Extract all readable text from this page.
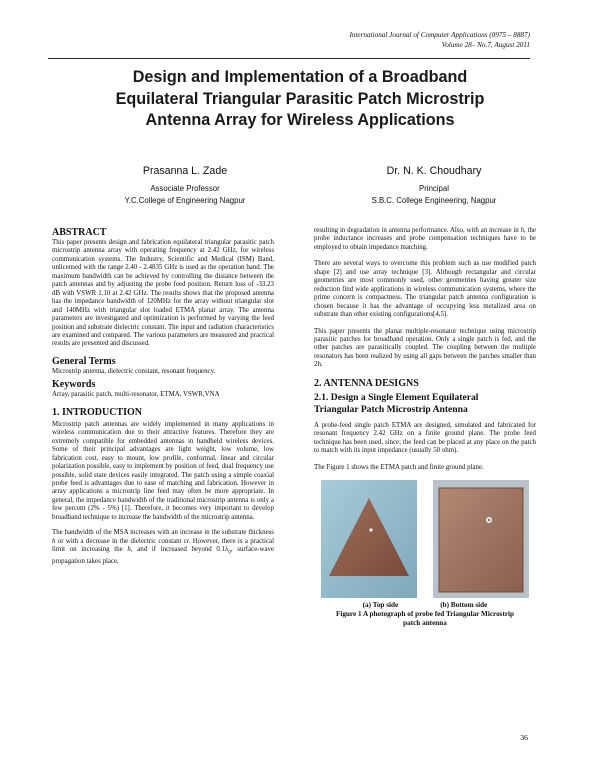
International Journal of Computer Applications (0975 – 8887)
Volume 28– No.7, August 2011
Design and Implementation of a Broadband
Equilateral Triangular Parasitic Patch Microstrip
Antenna Array for Wireless Applications
Prasanna L. Zade
Associate Professor
Y.C.College of Engineering Nagpur
Dr. N. K. Choudhary
Principal
S.B.C. College Engineering, Nagpur
ABSTRACT

This paper presents design and fabrication equilateral triangular parasitic patch microstrip antenna array with operating frequency at 2.42 GHz, for wireless communication systems. The Industry, Scientific and Medical (ISM) Band, unlicensed with the range 2.40 - 2.4835 GHz is used as the operation band. The maximum bandwidth can be achieved by controlling the distance between the patch antennas and by adjusting the probe feed position. Return loss of -33.23 dB with VSWR 1.10 at 2.42 GHz. The results shows that the proposed antenna has the impedance bandwidth of 120MHz for the array without triangular slot and 140MHz with triangular slot loaded ETMA planar array. The antenna parameters are investigated and optimization is performed by varying the feed position and substrate dielectric constant. The input and radiation characteristics are examined and compared. The various parameters are measured and practical results are presented and discussed.

General Terms

Microstrip antenna, dielectric constant, resonant frequency.

Keywords

Array, parasitic patch, multi-resonator, ETMA, VSWR,VNA

1. INTRODUCTION

Microstrip patch antennas are widely implemented in many applications in wireless communication due to their attractive features. Therefore they are extremely compatible for embedded antennas in handheld wireless devices. Some of their principal advantages are light weight, low volume, low fabrication cost, easy to mount, low profile, conformal, linear and circular polarization possible, easy to implement by position of feed, dual frequency use possible, solid state devices easily integrated. The patch using a simple coaxial probe feed is advantages due to ease of matching and fabrication. However in array applications a microstrip line feed may often be more appropriate. In general, the impedance bandwidth of the traditional microstrip antenna is only a few percent (2% - 5%) [1]. Therefore, it becomes very important to develop broadband technique to increase the bandwidth of the microstrip antenna.

The bandwidth of the MSA increases with an increase in the substrate thickness h or with a decrease in the dielectric constant εr. However, there is a practical limit on increasing the h, and if increased beyond $0.1\lambda_0$, surface-wave propagation takes place,

resulting in degradation in antenna performance. Also, with an increase in h, the probe inductance increases and probe compensation techniques have to be employed to obtain impedance matching.

There are several ways to overcome this problem such as use modified patch shape [2] and use array technique [3]. Although rectangular and circular geometries are most commonly used, other geometries having greater size reduction find wide applications in wireless communication systems, where the prime concern is compactness. The triangular patch antenna configuration is chosen because it has the advantage of occupying less metalized area on substrate than other existing configurations[4,5].

This paper presents the planar multiple-resonator technique using microstrip parasitic patches for broadband operation. Only a single patch is fed, and the other patches are parasitically coupled. The coupling between the multiple resonators has been realized by using all gaps between the patches smaller than 2h.

2. ANTENNA DESIGNS
2.1. Design a Single Element Equilateral
Triangular Patch Microstrip Antenna

A probe-feed single patch ETMA are designed, simulated and fabricated for resonant frequency 2.42 GHz on a finite ground plane. The probe feed technique has been used, since; the feed can be placed at any place on the patch to match with its input impedance (usually 50 ohm).

The Figure 1 shows the ETMA patch and finite ground plane.

(a) Top side	(b) Bottom side
Figure 1 A photograph of probe fed Triangular Microstrip
patch antenna
36
